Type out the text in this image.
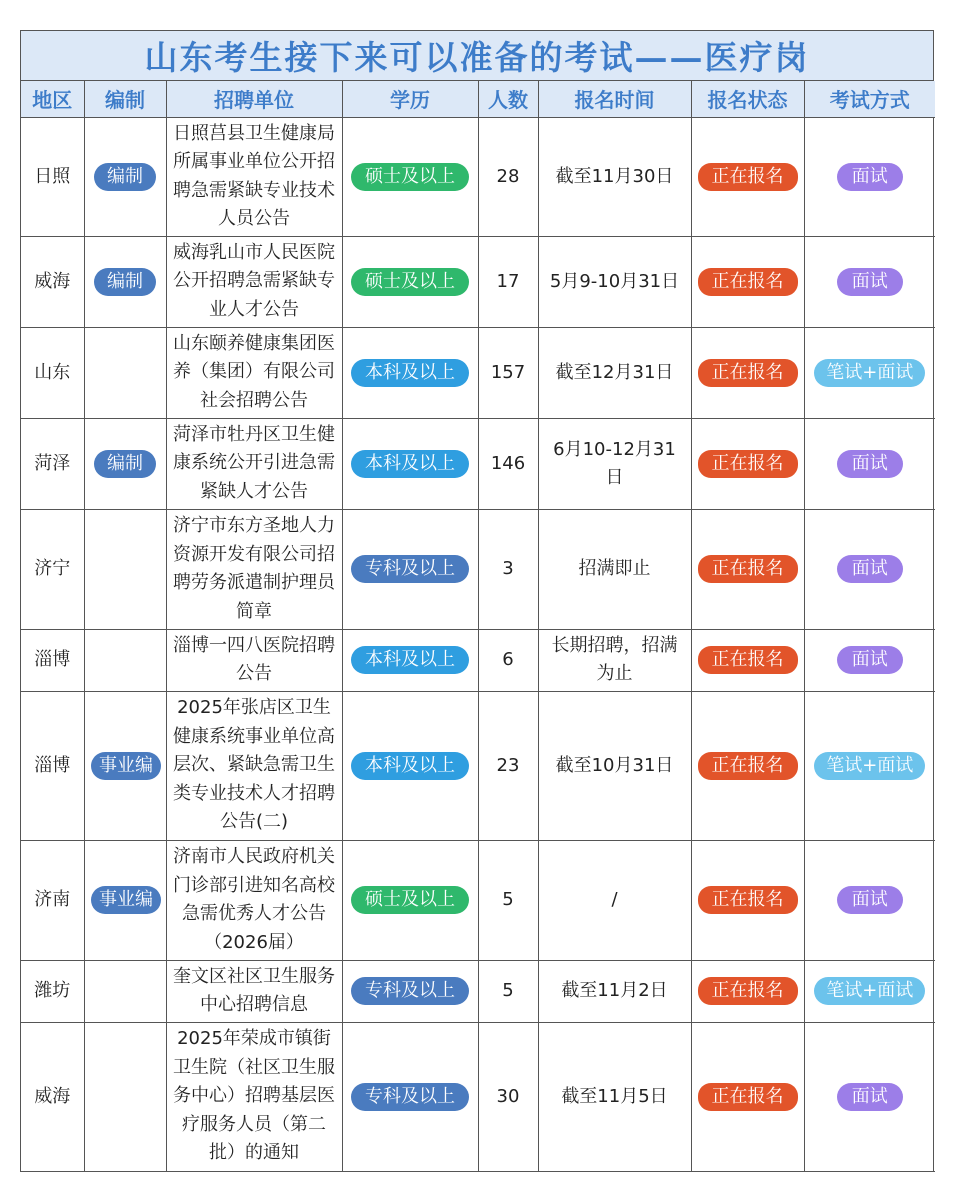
山东考生接下来可以准备的考试——医疗岗
地区	编制	招聘单位	学历	人数	报名时间	报名状态	考试方式
日照	编制	日照莒县卫生健康局所属事业单位公开招聘急需紧缺专业技术人员公告	硕士及以上	28	截至11月30日	正在报名	面试
威海	编制	威海乳山市人民医院公开招聘急需紧缺专业人才公告	硕士及以上	17	5月9-10月31日	正在报名	面试
山东		山东颐养健康集团医养（集团）有限公司社会招聘公告	本科及以上	157	截至12月31日	正在报名	笔试+面试
菏泽	编制	菏泽市牡丹区卫生健康系统公开引进急需紧缺人才公告	本科及以上	146	6月10-12月31日	正在报名	面试
济宁		济宁市东方圣地人力资源开发有限公司招聘劳务派遣制护理员简章	专科及以上	3	招满即止	正在报名	面试
淄博		淄博一四八医院招聘公告	本科及以上	6	长期招聘，招满为止	正在报名	面试
淄博	事业编	2025年张店区卫生健康系统事业单位高层次、紧缺急需卫生类专业技术人才招聘公告(二)	本科及以上	23	截至10月31日	正在报名	笔试+面试
济南	事业编	济南市人民政府机关门诊部引进知名高校急需优秀人才公告（2026届）	硕士及以上	5	/	正在报名	面试
潍坊		奎文区社区卫生服务中心招聘信息	专科及以上	5	截至11月2日	正在报名	笔试+面试
威海		2025年荣成市镇街卫生院（社区卫生服务中心）招聘基层医疗服务人员（第二批）的通知	专科及以上	30	截至11月5日	正在报名	面试
